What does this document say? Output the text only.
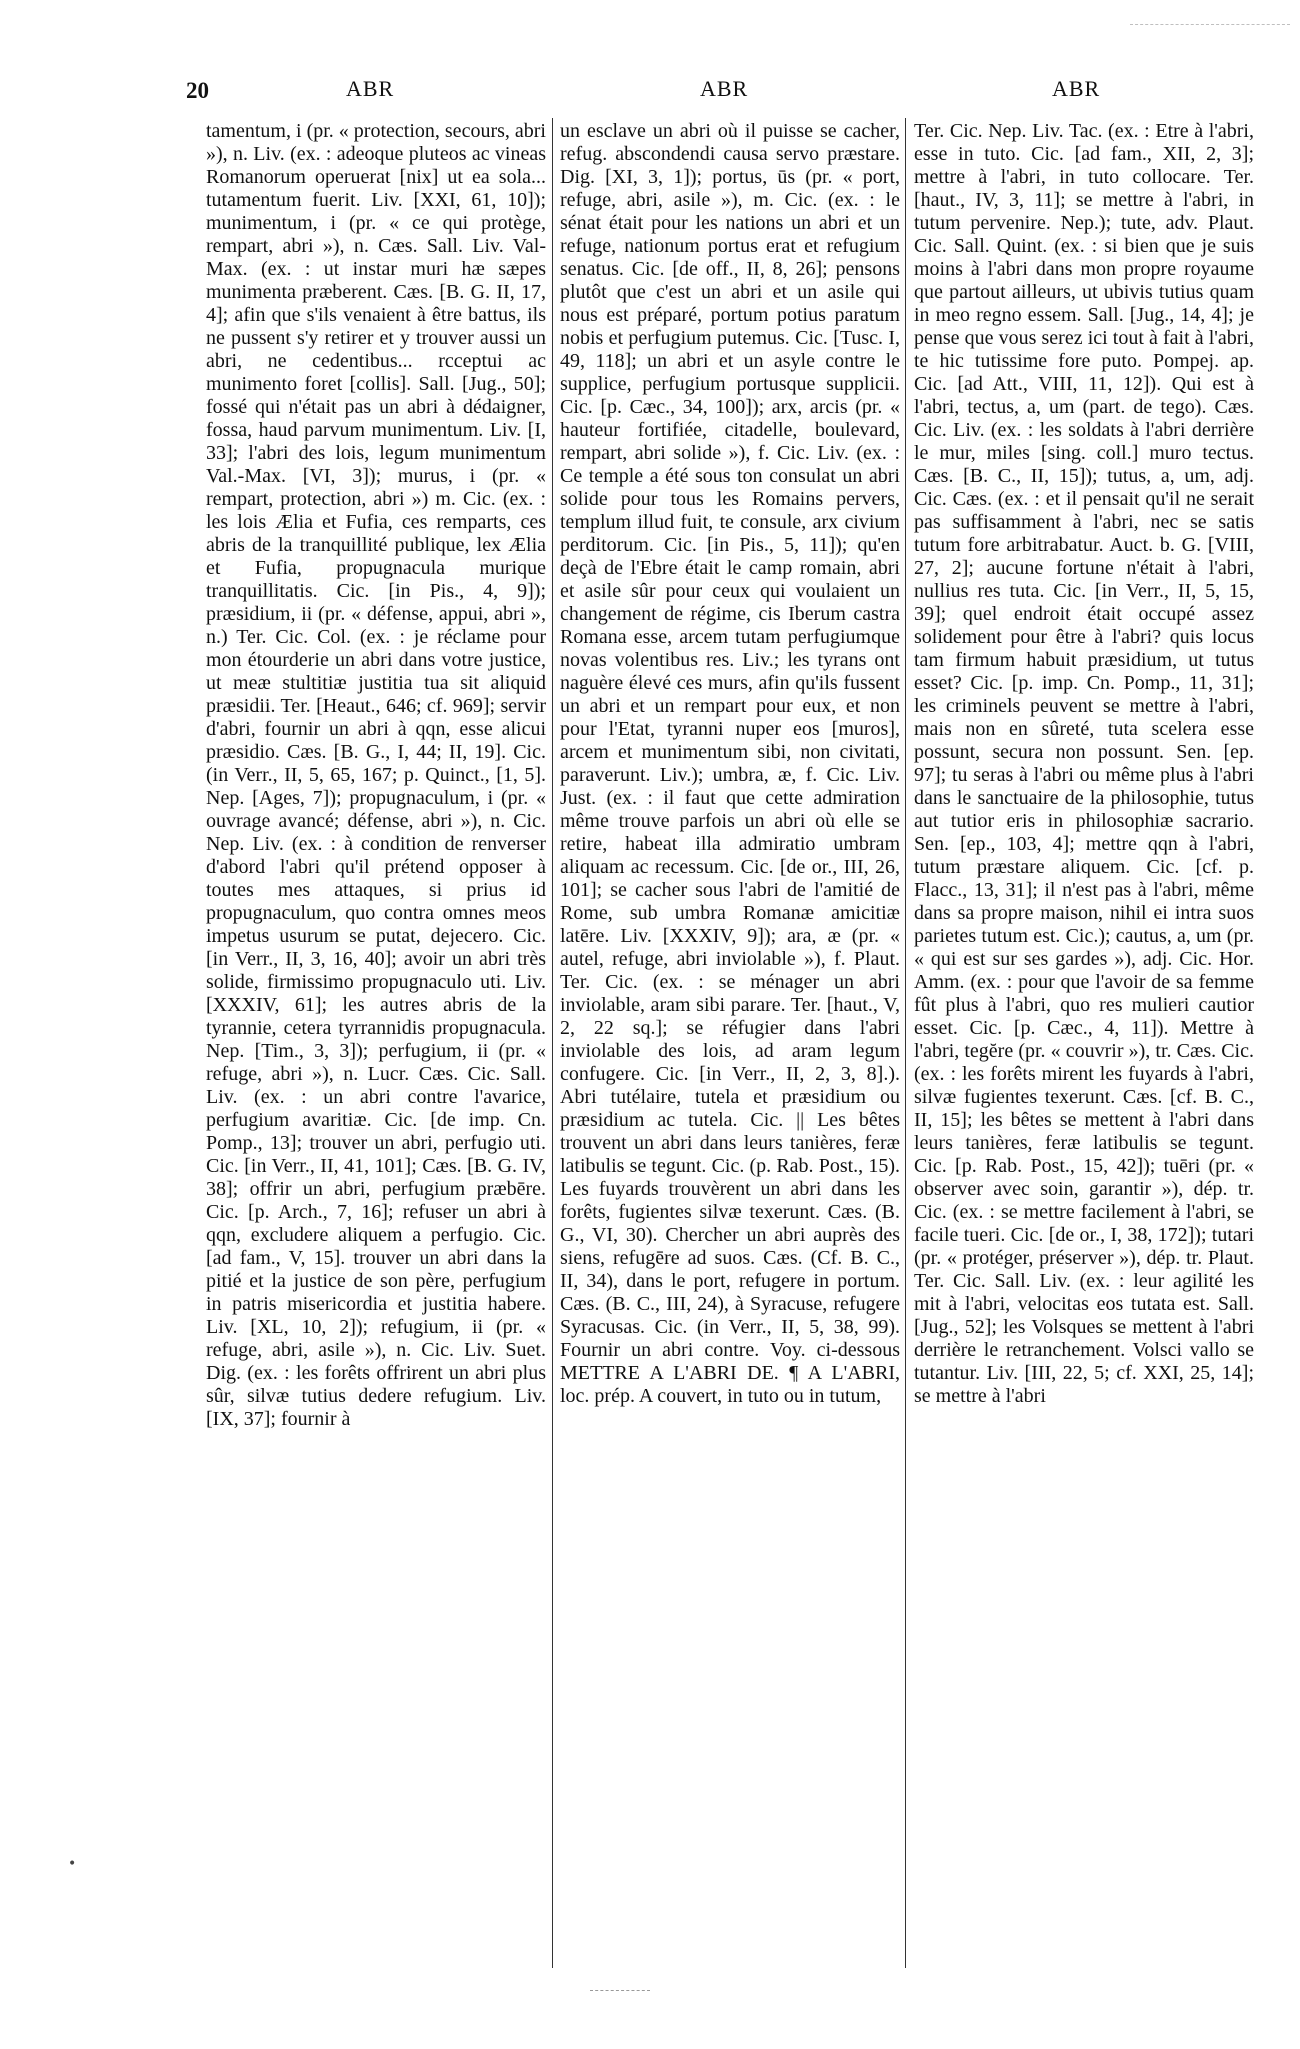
20	ABR	ABR	ABR
tamentum, i (pr. « protection, secours, abri »), n. Liv. (ex. : adeoque pluteos ac vineas Romanorum operuerat [nix] ut ea sola... tutamentum fuerit. Liv. [XXI, 61, 10]); munimentum, i (pr. « ce qui protège, rempart, abri »), n. Cæs. Sall. Liv. Val-Max. (ex. : ut instar muri hæ sæpes munimenta præberent. Cæs. [B. G. II, 17, 4]; afin que s'ils venaient à être battus, ils ne pussent s'y retirer et y trouver aussi un abri, ne cedentibus... rcceptui ac munimento foret [collis]. Sall. [Jug., 50]; fossé qui n'était pas un abri à dédaigner, fossa, haud parvum munimentum. Liv. [I, 33]; l'abri des lois, legum munimentum Val.-Max. [VI, 3]); murus, i (pr. « rempart, protection, abri ») m. Cic. (ex. : les lois Ælia et Fufia, ces remparts, ces abris de la tranquillité publique, lex Ælia et Fufia, propugnacula murique tranquillitatis. Cic. [in Pis., 4, 9]); præsidium, ii (pr. « défense, appui, abri », n.) Ter. Cic. Col. (ex. : je réclame pour mon étourderie un abri dans votre justice, ut meæ stultitiæ justitia tua sit aliquid præsidii. Ter. [Heaut., 646; cf. 969]; servir d'abri, fournir un abri à qqn, esse alicui præsidio. Cæs. [B. G., I, 44; II, 19]. Cic. (in Verr., II, 5, 65, 167; p. Quinct., [1, 5]. Nep. [Ages, 7]); propugnaculum, i (pr. « ouvrage avancé; défense, abri »), n. Cic. Nep. Liv. (ex. : à condition de renverser d'abord l'abri qu'il prétend opposer à toutes mes attaques, si prius id propugnaculum, quo contra omnes meos impetus usurum se putat, dejecero. Cic. [in Verr., II, 3, 16, 40]; avoir un abri très solide, firmissimo propugnaculo uti. Liv. [XXXIV, 61]; les autres abris de la tyrannie, cetera tyrrannidis propugnacula. Nep. [Tim., 3, 3]); perfugium, ii (pr. « refuge, abri »), n. Lucr. Cæs. Cic. Sall. Liv. (ex. : un abri contre l'avarice, perfugium avaritiæ. Cic. [de imp. Cn. Pomp., 13]; trouver un abri, perfugio uti. Cic. [in Verr., II, 41, 101]; Cæs. [B. G. IV, 38]; offrir un abri, perfugium præbēre. Cic. [p. Arch., 7, 16]; refuser un abri à qqn, excludere aliquem a perfugio. Cic. [ad fam., V, 15]. trouver un abri dans la pitié et la justice de son père, perfugium in patris misericordia et justitia habere. Liv. [XL, 10, 2]); refugium, ii (pr. « refuge, abri, asile »), n. Cic. Liv. Suet. Dig. (ex. : les forêts offrirent un abri plus sûr, silvæ tutius dedere refugium. Liv. [IX, 37]; fournir à
un esclave un abri où il puisse se cacher, refug. abscondendi causa servo præstare. Dig. [XI, 3, 1]); portus, ūs (pr. « port, refuge, abri, asile »), m. Cic. (ex. : le sénat était pour les nations un abri et un refuge, nationum portus erat et refugium senatus. Cic. [de off., II, 8, 26]; pensons plutôt que c'est un abri et un asile qui nous est préparé, portum potius paratum nobis et perfugium putemus. Cic. [Tusc. I, 49, 118]; un abri et un asyle contre le supplice, perfugium portusque supplicii. Cic. [p. Cæc., 34, 100]); arx, arcis (pr. « hauteur fortifiée, citadelle, boulevard, rempart, abri solide »), f. Cic. Liv. (ex. : Ce temple a été sous ton consulat un abri solide pour tous les Romains pervers, templum illud fuit, te consule, arx civium perditorum. Cic. [in Pis., 5, 11]); qu'en deçà de l'Ebre était le camp romain, abri et asile sûr pour ceux qui voulaient un changement de régime, cis Iberum castra Romana esse, arcem tutam perfugiumque novas volentibus res. Liv.; les tyrans ont naguère élevé ces murs, afin qu'ils fussent un abri et un rempart pour eux, et non pour l'Etat, tyranni nuper eos [muros], arcem et munimentum sibi, non civitati, paraverunt. Liv.); umbra, æ, f. Cic. Liv. Just. (ex. : il faut que cette admiration même trouve parfois un abri où elle se retire, habeat illa admiratio umbram aliquam ac recessum. Cic. [de or., III, 26, 101]; se cacher sous l'abri de l'amitié de Rome, sub umbra Romanæ amicitiæ latēre. Liv. [XXXIV, 9]); ara, æ (pr. « autel, refuge, abri inviolable »), f. Plaut. Ter. Cic. (ex. : se ménager un abri inviolable, aram sibi parare. Ter. [haut., V, 2, 22 sq.]; se réfugier dans l'abri inviolable des lois, ad aram legum confugere. Cic. [in Verr., II, 2, 3, 8].). Abri tutélaire, tutela et præsidium ou præsidium ac tutela. Cic. || Les bêtes trouvent un abri dans leurs tanières, feræ latibulis se tegunt. Cic. (p. Rab. Post., 15). Les fuyards trouvèrent un abri dans les forêts, fugientes silvæ texerunt. Cæs. (B. G., VI, 30). Chercher un abri auprès des siens, refugēre ad suos. Cæs. (Cf. B. C., II, 34), dans le port, refugere in portum. Cæs. (B. C., III, 24), à Syracuse, refugere Syracusas. Cic. (in Verr., II, 5, 38, 99). Fournir un abri contre. Voy. ci-dessous METTRE A L'ABRI DE. ¶ A L'ABRI, loc. prép. A couvert, in tuto ou in tutum,
Ter. Cic. Nep. Liv. Tac. (ex. : Etre à l'abri, esse in tuto. Cic. [ad fam., XII, 2, 3]; mettre à l'abri, in tuto collocare. Ter. [haut., IV, 3, 11]; se mettre à l'abri, in tutum pervenire. Nep.); tute, adv. Plaut. Cic. Sall. Quint. (ex. : si bien que je suis moins à l'abri dans mon propre royaume que partout ailleurs, ut ubivis tutius quam in meo regno essem. Sall. [Jug., 14, 4]; je pense que vous serez ici tout à fait à l'abri, te hic tutissime fore puto. Pompej. ap. Cic. [ad Att., VIII, 11, 12]). Qui est à l'abri, tectus, a, um (part. de tego). Cæs. Cic. Liv. (ex. : les soldats à l'abri derrière le mur, miles [sing. coll.] muro tectus. Cæs. [B. C., II, 15]); tutus, a, um, adj. Cic. Cæs. (ex. : et il pensait qu'il ne serait pas suffisamment à l'abri, nec se satis tutum fore arbitrabatur. Auct. b. G. [VIII, 27, 2]; aucune fortune n'était à l'abri, nullius res tuta. Cic. [in Verr., II, 5, 15, 39]; quel endroit était occupé assez solidement pour être à l'abri? quis locus tam firmum habuit præsidium, ut tutus esset? Cic. [p. imp. Cn. Pomp., 11, 31]; les criminels peuvent se mettre à l'abri, mais non en sûreté, tuta scelera esse possunt, secura non possunt. Sen. [ep. 97]; tu seras à l'abri ou même plus à l'abri dans le sanctuaire de la philosophie, tutus aut tutior eris in philosophiæ sacrario. Sen. [ep., 103, 4]; mettre qqn à l'abri, tutum præstare aliquem. Cic. [cf. p. Flacc., 13, 31]; il n'est pas à l'abri, même dans sa propre maison, nihil ei intra suos parietes tutum est. Cic.); cautus, a, um (pr. « qui est sur ses gardes »), adj. Cic. Hor. Amm. (ex. : pour que l'avoir de sa femme fût plus à l'abri, quo res mulieri cautior esset. Cic. [p. Cæc., 4, 11]). Mettre à l'abri, tegĕre (pr. « couvrir »), tr. Cæs. Cic. (ex. : les forêts mirent les fuyards à l'abri, silvæ fugientes texerunt. Cæs. [cf. B. C., II, 15]; les bêtes se mettent à l'abri dans leurs tanières, feræ latibulis se tegunt. Cic. [p. Rab. Post., 15, 42]); tuēri (pr. « observer avec soin, garantir »), dép. tr. Cic. (ex. : se mettre facilement à l'abri, se facile tueri. Cic. [de or., I, 38, 172]); tutari (pr. « protéger, préserver »), dép. tr. Plaut. Ter. Cic. Sall. Liv. (ex. : leur agilité les mit à l'abri, velocitas eos tutata est. Sall. [Jug., 52]; les Volsques se mettent à l'abri derrière le retranchement. Volsci vallo se tutantur. Liv. [III, 22, 5; cf. XXI, 25, 14]; se mettre à l'abri
•
